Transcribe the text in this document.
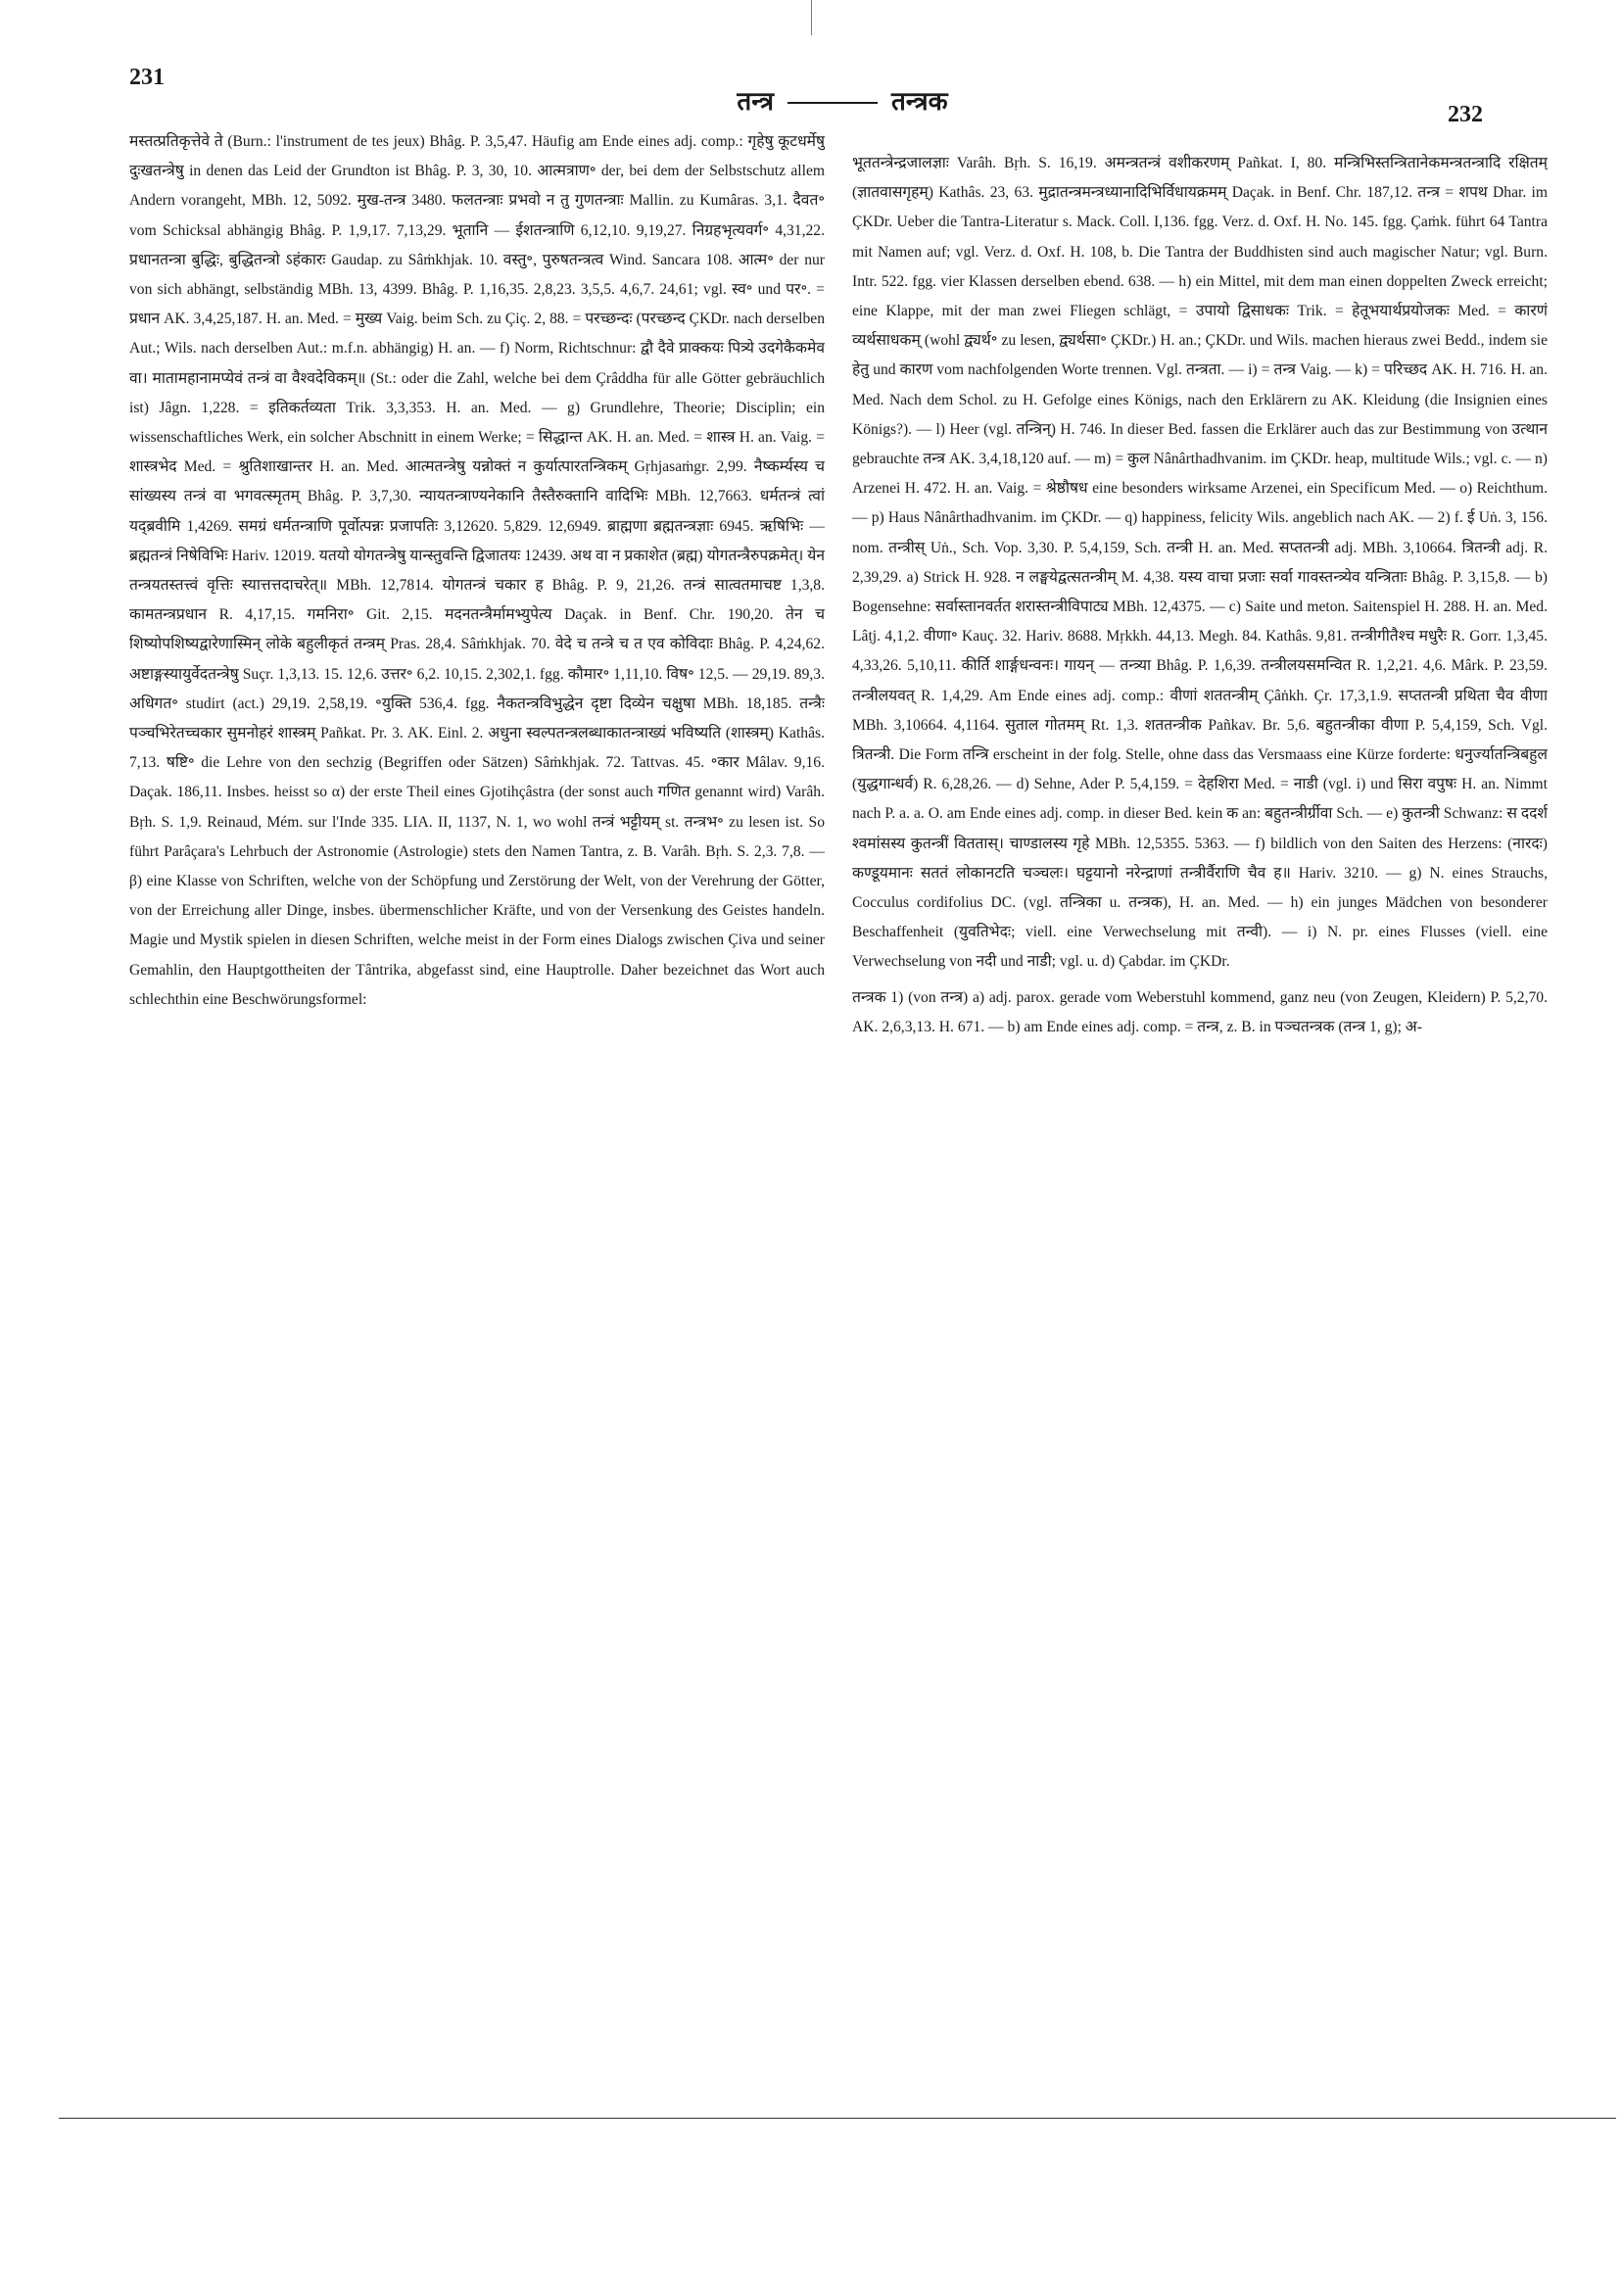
231
तन्त्र	तन्त्रक	232

मस्तत्प्रतिकृत्तेवे ते (Burn.: l'instrument de tes jeux) Bhâg. P. 3,5,47. Häufig am Ende eines adj. comp.: गृहेषु कूटधर्मेषु दुःखतन्त्रेषु in denen das Leid der Grundton ist Bhâg. P. 3, 30, 10. आत्मत्राण॰ der, bei dem der Selbstschutz allem Andern vorangeht, MBh. 12, 5092. मुख-तन्त्र 3480. फलतन्त्राः प्रभवो न तु गुणतन्त्राः Mallin. zu Kumâras. 3,1. दैवत॰ vom Schicksal abhängig Bhâg. P. 1,9,17. 7,13,29. भूतानि — ईशतन्त्राणि 6,12,10. 9,19,27. निग्रहभृत्यवर्ग॰ 4,31,22. प्रधानतन्त्रा बुद्धिः, बुद्धितन्त्रो ऽहंकारः Gaudap. zu Sâṁkhjak. 10. वस्तु॰, पुरुषतन्त्रत्व Wind. Sancara 108. आत्म॰ der nur von sich abhängt, selbständig MBh. 13, 4399. Bhâg. P. 1,16,35. 2,8,23. 3,5,5. 4,6,7. 24,61; vgl. स्व॰ und पर॰. = प्रधान AK. 3,4,25,187. H. an. Med. = मुख्य Vaig. beim Sch. zu Çiç. 2, 88. = परच्छन्दः (परच्छन्द ÇKDr. nach derselben Aut.; Wils. nach derselben Aut.: m.f.n. abhängig) H. an. — f) Norm, Richtschnur: द्वौ दैवे प्राक्कयः पित्र्ये उदगेकैकमेव वा। मातामहानामप्येवं तन्त्रं वा वैश्वदेविकम्॥ (St.: oder die Zahl, welche bei dem Çrâddha für alle Götter gebräuchlich ist) Jâgn. 1,228. = इतिकर्तव्यता Trik. 3,3,353. H. an. Med. — g) Grundlehre, Theorie; Disciplin; ein wissenschaftliches Werk, ein solcher Abschnitt in einem Werke; = सिद्धान्त AK. H. an. Med. = शास्त्र H. an. Vaig. = शास्त्रभेद Med. = श्रुतिशाखान्तर H. an. Med. आत्मतन्त्रेषु यन्नोक्तं न कुर्यात्पारतन्त्रिकम् Gṛhjasaṁgr. 2,99. नैष्कर्म्यस्य च सांख्यस्य तन्त्रं वा भगवत्स्मृतम् Bhâg. P. 3,7,30. न्यायतन्त्राण्यनेकानि तैस्तैरुक्तानि वादिभिः MBh. 12,7663. धर्मतन्त्रं त्वां यद्ब्रवीमि 1,4269. समग्रं धर्मतन्त्राणि पूर्वोत्पन्नः प्रजापतिः 3,12620. 5,829. 12,6949. ब्राह्मणा ब्रह्मतन्त्रज्ञाः 6945. ऋषिभिः — ब्रह्मतन्त्रं निषेविभिः Hariv. 12019. यतयो योगतन्त्रेषु यान्स्तुवन्ति द्विजातयः 12439. अथ वा न प्रकाशेत (ब्रह्म) योगतन्त्रैरुपक्रमेत्। येन तन्त्रयतस्तत्त्वं वृत्तिः स्यात्तत्तदाचरेत्॥ MBh. 12,7814. योगतन्त्रं चकार ह Bhâg. P. 9, 21,26. तन्त्रं सात्वतमाचष्ट 1,3,8. कामतन्त्रप्रधान R. 4,17,15. गमनिरा॰ Git. 2,15. मदनतन्त्रैर्मामभ्युपेत्य Daçak. in Benf. Chr. 190,20. तेन च शिष्योपशिष्यद्वारेणास्मिन् लोके बहुलीकृतं तन्त्रम् Pras. 28,4. Sâṁkhjak. 70. वेदे च तन्त्रे च त एव कोविदाः Bhâg. P. 4,24,62. अष्टाङ्गस्यायुर्वेदतन्त्रेषु Suçr. 1,3,13. 15. 12,6. उत्तर॰ 6,2. 10,15. 2,302,1. fgg. कौमार॰ 1,11,10. विष॰ 12,5. — 29,19. 89,3. अधिगत॰ studirt (act.) 29,19. 2,58,19. ॰युक्ति 536,4. fgg. नैकतन्त्रविभुद्धेन दृष्टा दिव्येन चक्षुषा MBh. 18,185. तन्त्रैः पञ्चभिरेतच्चकार सुमनोहरं शास्त्रम् Pañkat. Pr. 3. AK. Einl. 2. अधुना स्वल्पतन्त्रलब्धाकातन्त्राख्यं भविष्यति (शास्त्रम्) Kathâs. 7,13. षष्टि॰ die Lehre von den sechzig (Begriffen oder Sätzen) Sâṁkhjak. 72. Tattvas. 45. ॰कार Mâlav. 9,16. Daçak. 186,11. Insbes. heisst so α) der erste Theil eines Gjotihçâstra (der sonst auch गणित genannt wird) Varâh. Bṛh. S. 1,9. Reinaud, Mém. sur l'Inde 335. LIA. II, 1137, N. 1, wo wohl तन्त्रं भट्टीयम् st. तन्त्रभ॰ zu lesen ist. So führt Parâçara's Lehrbuch der Astronomie (Astrologie) stets den Namen Tantra, z. B. Varâh. Bṛh. S. 2,3. 7,8. — β) eine Klasse von Schriften, welche von der Schöpfung und Zerstörung der Welt, von der Verehrung der Götter, von der Erreichung aller Dinge, insbes. übermenschlicher Kräfte, und von der Versenkung des Geistes handeln. Magie und Mystik spielen in diesen Schriften, welche meist in der Form eines Dialogs zwischen Çiva und seiner Gemahlin, den Hauptgottheiten der Tântrika, abgefasst sind, eine Hauptrolle. Daher bezeichnet das Wort auch schlechthin eine Beschwörungsformel:

भूततन्त्रेन्द्रजालज्ञाः Varâh. Bṛh. S. 16,19. अमन्त्रतन्त्रं वशीकरणम् Pañkat. I, 80. मन्त्रिभिस्तन्त्रितानेकमन्त्रतन्त्रादि रक्षितम् (ज्ञातवासगृहम्) Kathâs. 23, 63. मुद्रातन्त्रमन्त्रध्यानादिभिर्विधायक्रमम् Daçak. in Benf. Chr. 187,12. तन्त्र = शपथ Dhar. im ÇKDr. Ueber die Tantra-Literatur s. Mack. Coll. I,136. fgg. Verz. d. Oxf. H. No. 145. fgg. Çaṁk. führt 64 Tantra mit Namen auf; vgl. Verz. d. Oxf. H. 108, b. Die Tantra der Buddhisten sind auch magischer Natur; vgl. Burn. Intr. 522. fgg. vier Klassen derselben ebend. 638. — h) ein Mittel, mit dem man einen doppelten Zweck erreicht; eine Klappe, mit der man zwei Fliegen schlägt, = उपायो द्विसाधकः Trik. = हेतूभयार्थप्रयोजकः Med. = कारणं व्यर्थसाधकम् (wohl द्व्यर्थ॰ zu lesen, द्व्यर्थसा॰ ÇKDr.) H. an.; ÇKDr. und Wils. machen hieraus zwei Bedd., indem sie हेतु und कारण vom nachfolgenden Worte trennen. Vgl. तन्त्रता. — i) = तन्त्र Vaig. — k) = परिच्छद AK. H. 716. H. an. Med. Nach dem Schol. zu H. Gefolge eines Königs, nach den Erklärern zu AK. Kleidung (die Insignien eines Königs?). — l) Heer (vgl. तन्त्रिन्) H. 746. In dieser Bed. fassen die Erklärer auch das zur Bestimmung von उत्थान gebrauchte तन्त्र AK. 3,4,18,120 auf. — m) = कुल Nânârthadhvanim. im ÇKDr. heap, multitude Wils.; vgl. c. — n) Arzenei H. 472. H. an. Vaig. = श्रेष्ठौषध eine besonders wirksame Arzenei, ein Specificum Med. — o) Reichthum. — p) Haus Nânârthadhvanim. im ÇKDr. — q) happiness, felicity Wils. angeblich nach AK. — 2) f. ई Uṅ. 3, 156. nom. तन्त्रीस् Uṅ., Sch. Vop. 3,30. P. 5,4,159, Sch. तन्त्री H. an. Med. सप्ततन्त्री adj. MBh. 3,10664. त्रितन्त्री adj. R. 2,39,29. a) Strick H. 928. न लङ्घयेद्वत्सतन्त्रीम् M. 4,38. यस्य वाचा प्रजाः सर्वा गावस्तन्त्र्येव यन्त्रिताः Bhâg. P. 3,15,8. — b) Bogensehne: सर्वास्तानवर्तत शरास्तन्त्रीविपाट्य MBh. 12,4375. — c) Saite und meton. Saitenspiel H. 288. H. an. Med. Lâṭj. 4,1,2. वीणा॰ Kauç. 32. Hariv. 8688. Mṛkkh. 44,13. Megh. 84. Kathâs. 9,81. तन्त्रीगीतैश्च मधुरैः R. Gorr. 1,3,45. 4,33,26. 5,10,11. कीर्ति शार्ङ्गधन्वनः। गायन् — तन्त्र्या Bhâg. P. 1,6,39. तन्त्रीलयसमन्वित R. 1,2,21. 4,6. Mârk. P. 23,59. तन्त्रीलयवत् R. 1,4,29. Am Ende eines adj. comp.: वीणां शततन्त्रीम् Çâṅkh. Çr. 17,3,1.9. सप्ततन्त्री प्रथिता चैव वीणा MBh. 3,10664. 4,1164. सुताल गोतमम् Rt. 1,3. शततन्त्रीक Pañkav. Br. 5,6. बहुतन्त्रीका वीणा P. 5,4,159, Sch. Vgl. त्रितन्त्री. Die Form तन्त्रि erscheint in der folg. Stelle, ohne dass das Versmaass eine Kürze forderte: धनुर्ज्यातन्त्रिबहुल (युद्धगान्धर्व) R. 6,28,26. — d) Sehne, Ader P. 5,4,159. = देहशिरा Med. = नाडी (vgl. i) und सिरा वपुषः H. an. Nimmt nach P. a. a. O. am Ende eines adj. comp. in dieser Bed. kein क an: बहुतन्त्रीर्ग्रीवा Sch. — e) कुतन्त्री Schwanz: स ददर्श श्वमांसस्य कुतन्त्रीं विततास्। चाण्डालस्य गृहे MBh. 12,5355. 5363. — f) bildlich von den Saiten des Herzens: (नारदः) कण्डूयमानः सततं लोकानटति चञ्चलः। घट्टयानो नरेन्द्राणां तन्त्रीर्वैराणि चैव ह॥ Hariv. 3210. — g) N. eines Strauchs, Cocculus cordifolius DC. (vgl. तन्त्रिका u. तन्त्रक), H. an. Med. — h) ein junges Mädchen von besonderer Beschaffenheit (युवतिभेदः; viell. eine Verwechselung mit तन्वी). — i) N. pr. eines Flusses (viell. eine Verwechselung von नदी und नाडी; vgl. u. d) Çabdar. im ÇKDr.

तन्त्रक 1) (von तन्त्र) a) adj. parox. gerade vom Weberstuhl kommend, ganz neu (von Zeugen, Kleidern) P. 5,2,70. AK. 2,6,3,13. H. 671. — b) am Ende eines adj. comp. = तन्त्र, z. B. in पञ्चतन्त्रक (तन्त्र 1, g); अ-
